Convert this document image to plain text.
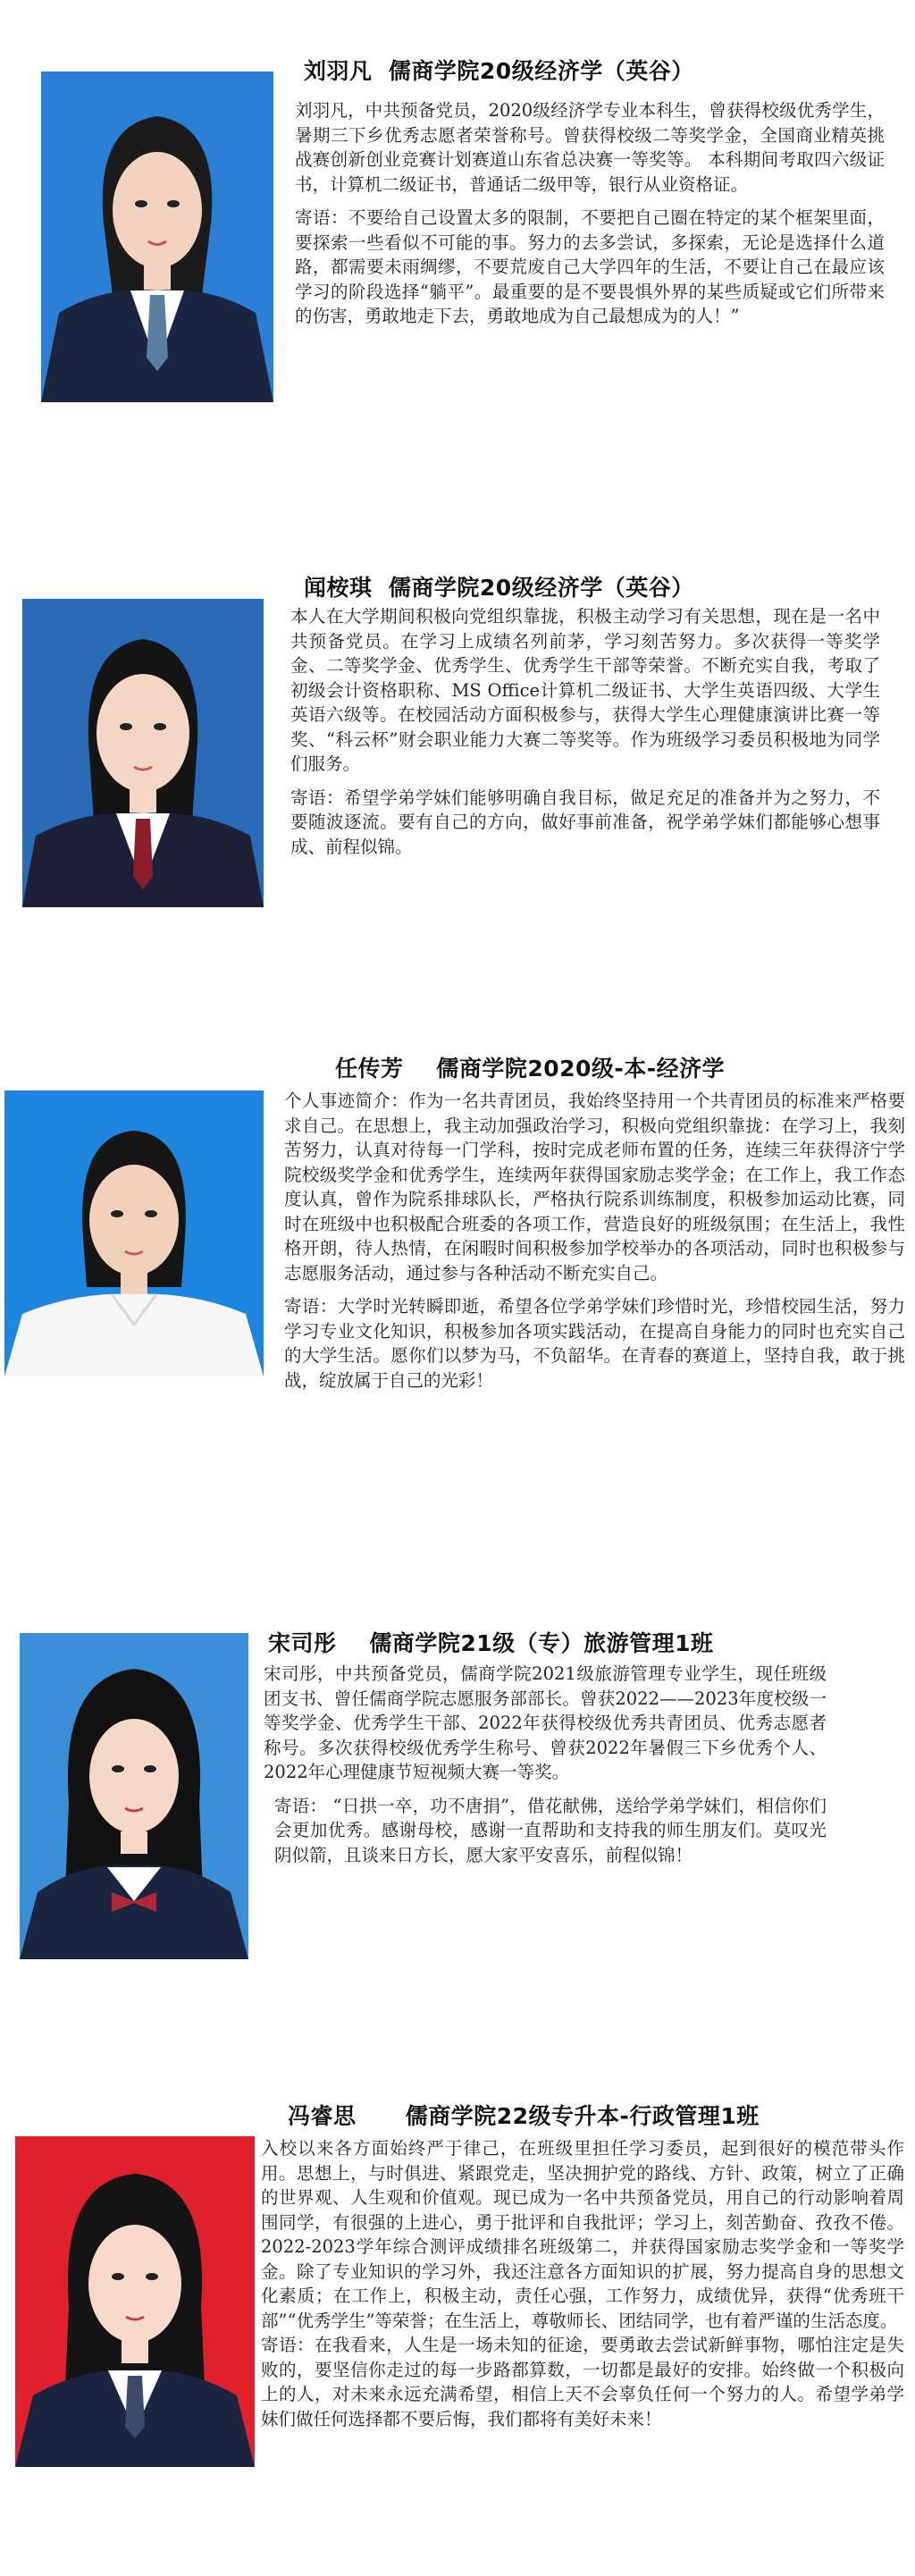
刘羽凡  儒商学院20级经济学（英谷）

刘羽凡，中共预备党员，2020级经济学专业本科生，曾获得校级优秀学生，暑期三下乡优秀志愿者荣誉称号。曾获得校级二等奖学金，全国商业精英挑战赛创新创业竞赛计划赛道山东省总决赛一等奖等。 本科期间考取四六级证书，计算机二级证书，普通话二级甲等，银行从业资格证。

寄语：不要给自己设置太多的限制，不要把自己圈在特定的某个框架里面，要探索一些看似不可能的事。努力的去多尝试，多探索，无论是选择什么道路，都需要未雨绸缪，不要荒废自己大学四年的生活，不要让自己在最应该学习的阶段选择“躺平”。最重要的是不要畏惧外界的某些质疑或它们所带来的伤害，勇敢地走下去，勇敢地成为自己最想成为的人！”

闻桉琪  儒商学院20级经济学（英谷）

本人在大学期间积极向党组织靠拢，积极主动学习有关思想，现在是一名中共预备党员。在学习上成绩名列前茅，学习刻苦努力。多次获得一等奖学金、二等奖学金、优秀学生、优秀学生干部等荣誉。不断充实自我，考取了初级会计资格职称、MS Office计算机二级证书、大学生英语四级、大学生英语六级等。在校园活动方面积极参与，获得大学生心理健康演讲比赛一等奖、“科云杯”财会职业能力大赛二等奖等。作为班级学习委员积极地为同学们服务。

寄语：希望学弟学妹们能够明确自我目标，做足充足的准备并为之努力，不要随波逐流。要有自己的方向，做好事前准备，祝学弟学妹们都能够心想事成、前程似锦。

任传芳    儒商学院2020级-本-经济学

个人事迹简介：作为一名共青团员，我始终坚持用一个共青团员的标准来严格要求自己。在思想上，我主动加强政治学习，积极向党组织靠拢：在学习上，我刻苦努力，认真对待每一门学科，按时完成老师布置的任务，连续三年获得济宁学院校级奖学金和优秀学生，连续两年获得国家励志奖学金；在工作上，我工作态度认真，曾作为院系排球队长，严格执行院系训练制度，积极参加运动比赛，同时在班级中也积极配合班委的各项工作，营造良好的班级氛围；在生活上，我性格开朗，待人热情，在闲暇时间积极参加学校举办的各项活动，同时也积极参与志愿服务活动，通过参与各种活动不断充实自己。

寄语：大学时光转瞬即逝，希望各位学弟学妹们珍惜时光，珍惜校园生活，努力学习专业文化知识，积极参加各项实践活动，在提高自身能力的同时也充实自己的大学生活。愿你们以梦为马，不负韶华。在青春的赛道上，坚持自我，敢于挑战，绽放属于自己的光彩！

宋司彤    儒商学院21级（专）旅游管理1班

宋司彤，中共预备党员，儒商学院2021级旅游管理专业学生，现任班级团支书、曾任儒商学院志愿服务部部长。曾获2022——2023年度校级一等奖学金、优秀学生干部、2022年获得校级优秀共青团员、优秀志愿者称号。多次获得校级优秀学生称号、曾获2022年暑假三下乡优秀个人、2022年心理健康节短视频大赛一等奖。

寄语： “日拱一卒，功不唐捐”，借花献佛，送给学弟学妹们，相信你们会更加优秀。感谢母校，感谢一直帮助和支持我的师生朋友们。莫叹光阴似箭，且谈来日方长，愿大家平安喜乐，前程似锦！

冯睿思      儒商学院22级专升本-行政管理1班

入校以来各方面始终严于律己，在班级里担任学习委员，起到很好的模范带头作用。思想上，与时俱进、紧跟党走，坚决拥护党的路线、方针、政策，树立了正确的世界观、人生观和价值观。现已成为一名中共预备党员，用自己的行动影响着周围同学，有很强的上进心，勇于批评和自我批评；学习上，刻苦勤奋、孜孜不倦。2022-2023学年综合测评成绩排名班级第二，并获得国家励志奖学金和一等奖学金。除了专业知识的学习外，我还注意各方面知识的扩展，努力提高自身的思想文化素质；在工作上，积极主动，责任心强，工作努力，成绩优异，获得“优秀班干部”“优秀学生”等荣誉；在生活上，尊敬师长、团结同学，也有着严谨的生活态度。

寄语：在我看来，人生是一场未知的征途，要勇敢去尝试新鲜事物，哪怕注定是失败的，要坚信你走过的每一步路都算数，一切都是最好的安排。始终做一个积极向上的人，对未来永远充满希望，相信上天不会辜负任何一个努力的人。希望学弟学妹们做任何选择都不要后悔，我们都将有美好未来！
